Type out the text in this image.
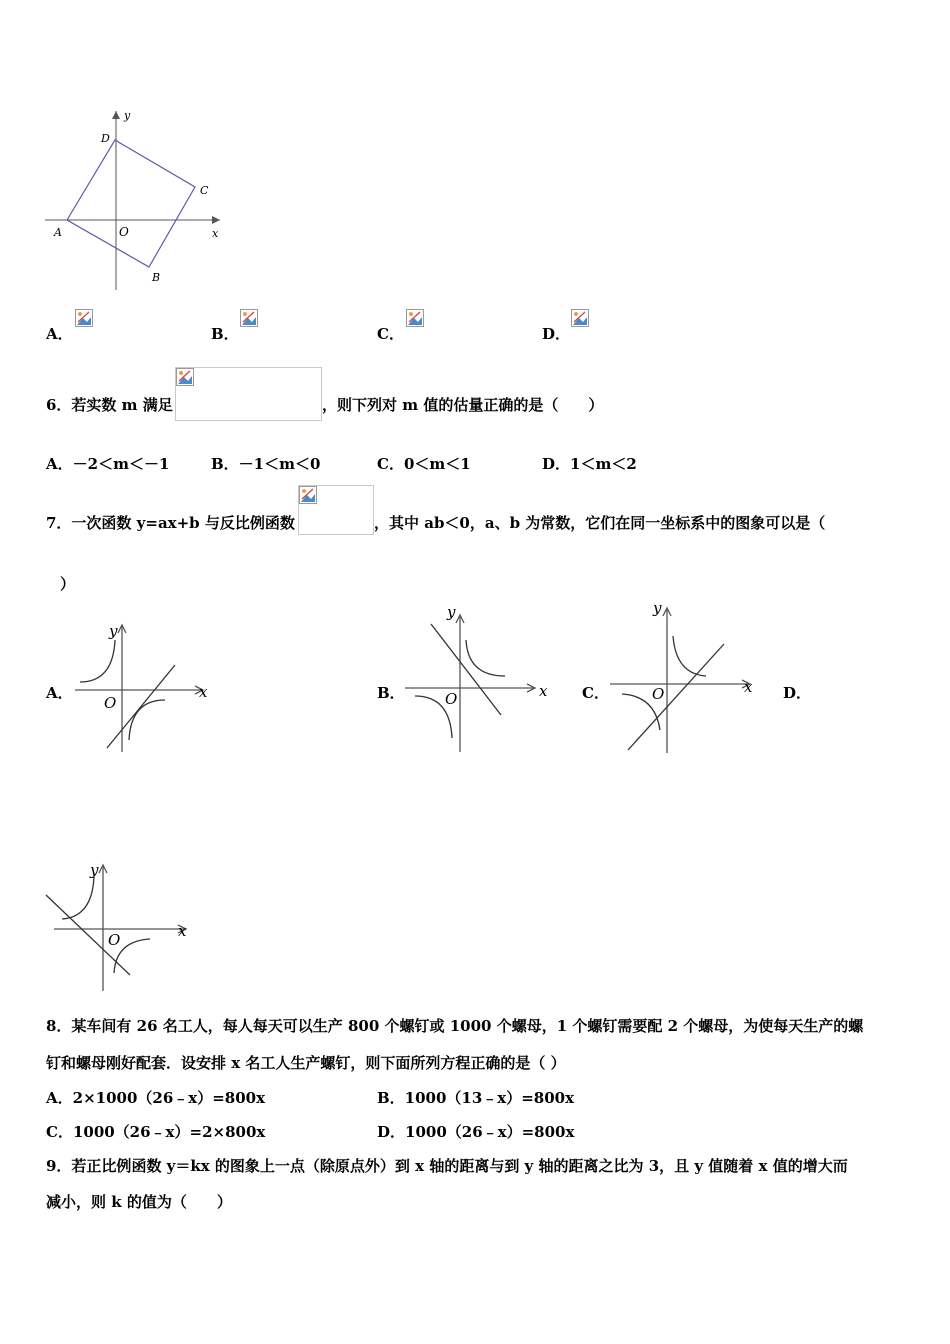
y
x
O
A
B
C
D
A．	B．	C．	D．
6．若实数 m 满足	，则下列对 m 值的估量正确的是（　　）
A．－2＜m＜－1	B．－1＜m＜0	C．0＜m＜1	D．1＜m＜2
7．一次函数 y=ax+b 与反比例函数	，其中 ab＜0，a、b 为常数，它们在同一坐标系中的图象可以是（
）
A．
y
x
O
B．
y
x
O	C．
y
x
O	D．
y
x
O
8．某车间有 26 名工人，每人每天可以生产 800 个螺钉或 1000 个螺母，1 个螺钉需要配 2 个螺母，为使每天生产的螺
钉和螺母刚好配套．设安排 x 名工人生产螺钉，则下面所列方程正确的是（ ）
A．2×1000（26﹣x）=800x	B．1000（13﹣x）=800x
C．1000（26﹣x）=2×800x	D．1000（26﹣x）=800x
9．若正比例函数 y＝kx 的图象上一点（除原点外）到 x 轴的距离与到 y 轴的距离之比为 3，且 y 值随着 x 值的增大而
减小，则 k 的值为（　　）
